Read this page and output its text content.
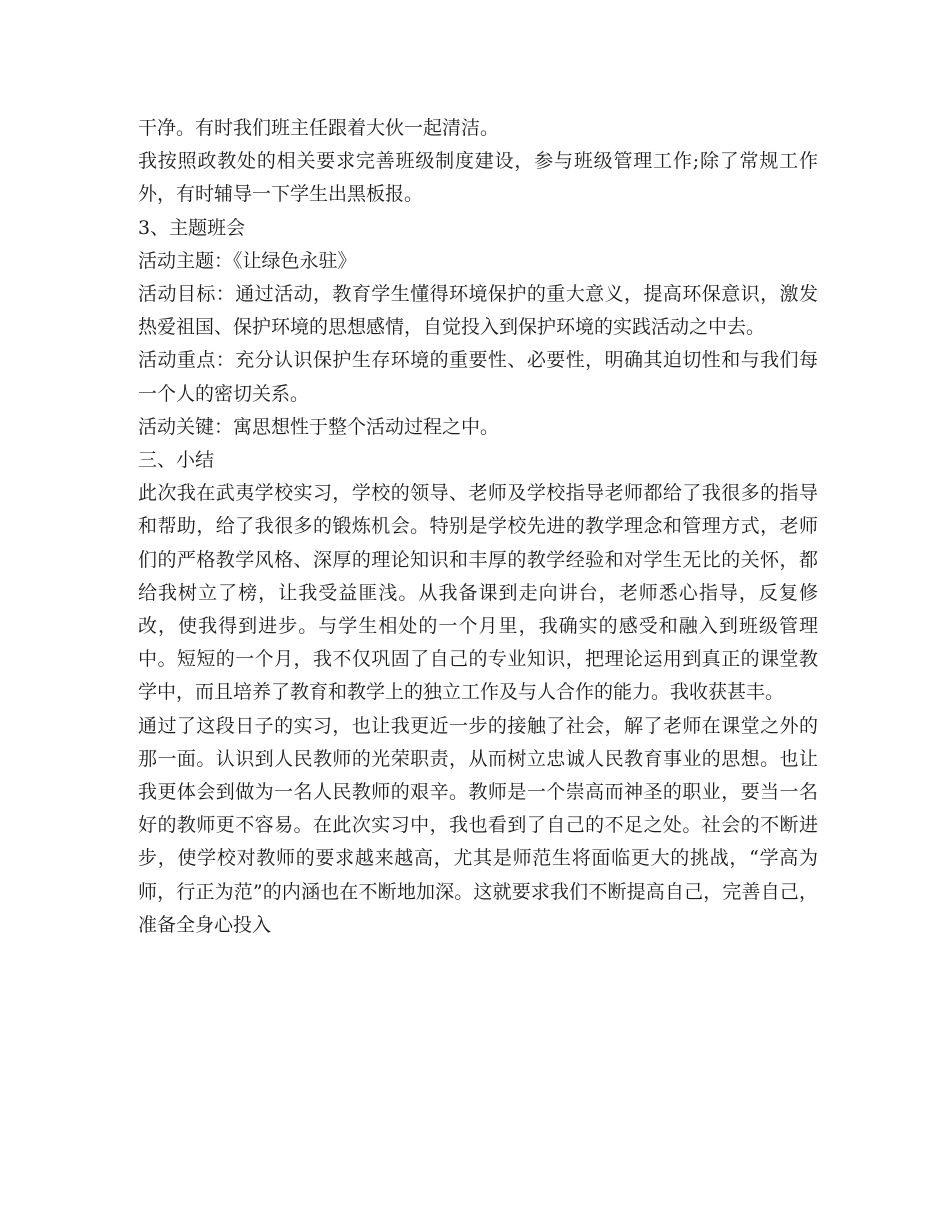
干净。有时我们班主任跟着大伙一起清洁。

我按照政教处的相关要求完善班级制度建设，参与班级管理工作;除了常规工作外，有时辅导一下学生出黑板报。

3、主题班会

活动主题：《让绿色永驻》

活动目标：通过活动，教育学生懂得环境保护的重大意义，提高环保意识，激发热爱祖国、保护环境的思想感情，自觉投入到保护环境的实践活动之中去。

活动重点：充分认识保护生存环境的重要性、必要性，明确其迫切性和与我们每一个人的密切关系。

活动关键：寓思想性于整个活动过程之中。

三、小结

此次我在武夷学校实习，学校的领导、老师及学校指导老师都给了我很多的指导和帮助，给了我很多的锻炼机会。特别是学校先进的教学理念和管理方式，老师们的严格教学风格、深厚的理论知识和丰厚的教学经验和对学生无比的关怀，都给我树立了榜，让我受益匪浅。从我备课到走向讲台，老师悉心指导，反复修改，使我得到进步。与学生相处的一个月里，我确实的感受和融入到班级管理中。短短的一个月，我不仅巩固了自己的专业知识，把理论运用到真正的课堂教学中，而且培养了教育和教学上的独立工作及与人合作的能力。我收获甚丰。

通过了这段日子的实习，也让我更近一步的接触了社会，解了老师在课堂之外的那一面。认识到人民教师的光荣职责，从而树立忠诚人民教育事业的思想。也让我更体会到做为一名人民教师的艰辛。教师是一个崇高而神圣的职业，要当一名好的教师更不容易。在此次实习中，我也看到了自己的不足之处。社会的不断进步，使学校对教师的要求越来越高，尤其是师范生将面临更大的挑战，“学高为师，行正为范”的内涵也在不断地加深。这就要求我们不断提高自己，完善自己，准备全身心投入
